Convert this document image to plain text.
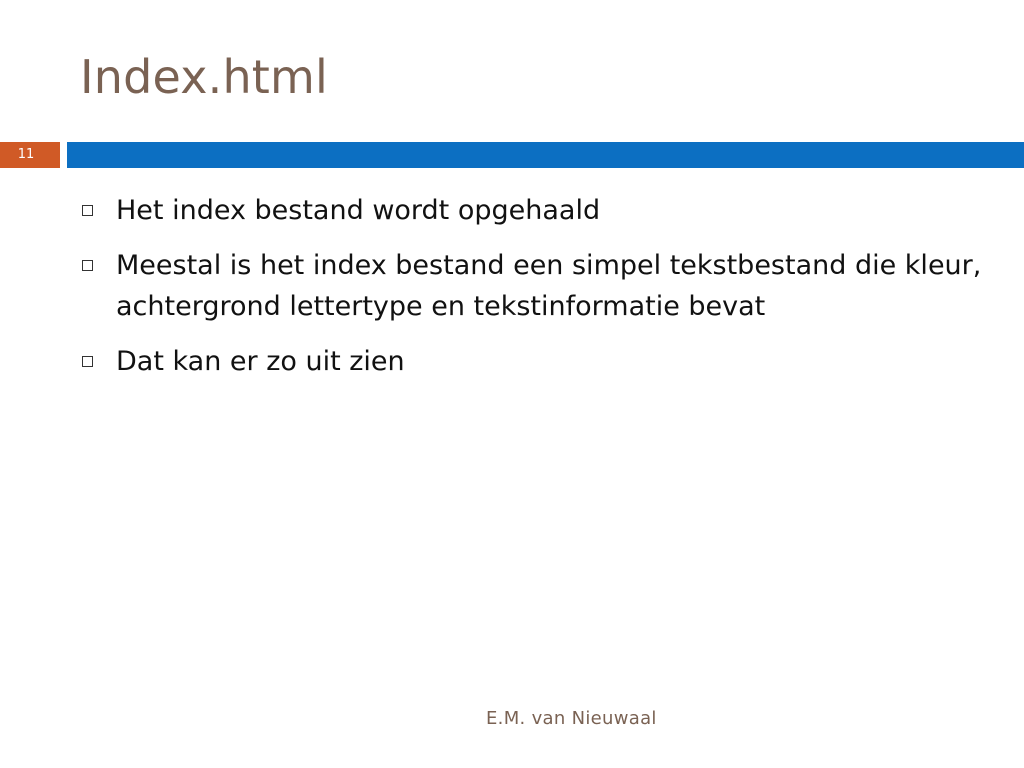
Index.html
11
Het index bestand wordt opgehaald
Meestal is het index bestand een simpel tekstbestand die kleur, achtergrond lettertype en tekstinformatie bevat
Dat kan er zo uit zien
E.M. van Nieuwaal
